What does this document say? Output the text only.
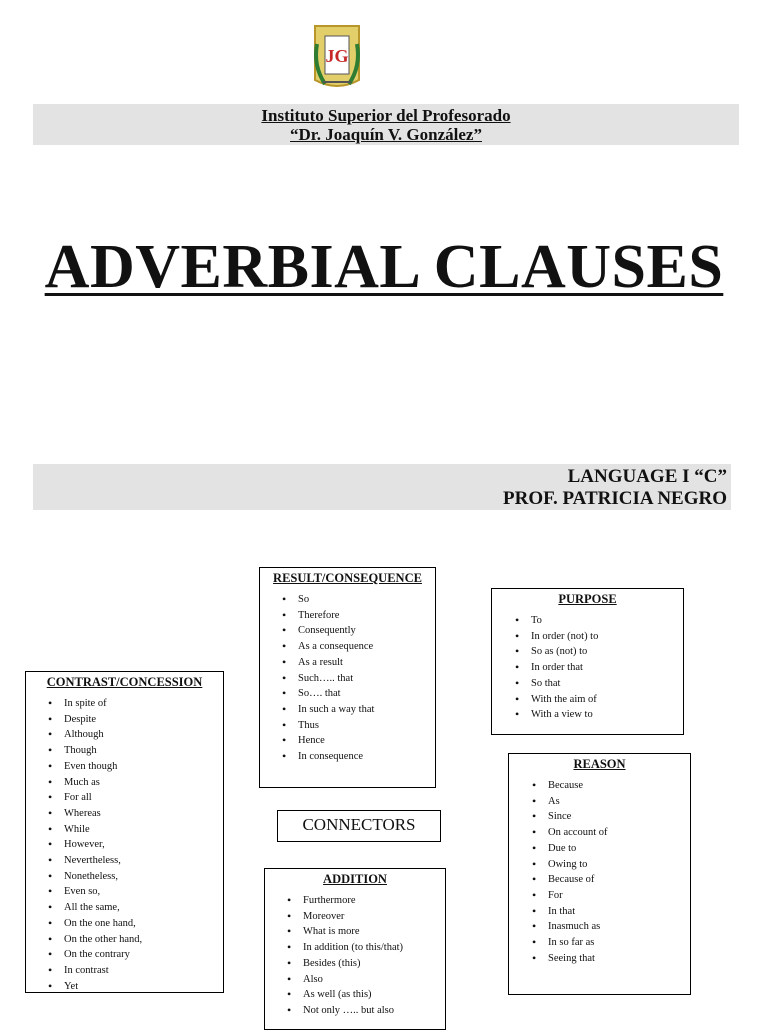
JG
Instituto Superior del Profesorado
“Dr. Joaquín V. González”
ADVERBIAL CLAUSES
LANGUAGE I “C”
PROF. PATRICIA NEGRO
RESULT/CONSEQUENCE
• So
• Therefore
• Consequently
• As a consequence
• As a result
• Such….. that
• So…. that
• In such a way that
• Thus
• Hence
• In consequence
PURPOSE
• To
• In order (not) to
• So as (not) to
• In order that
• So that
• With the aim of
• With a view to
CONTRAST/CONCESSION
• In spite of
• Despite
• Although
• Though
• Even though
• Much as
• For all
• Whereas
• While
• However,
• Nevertheless,
• Nonetheless,
• Even so,
• All the same,
• On the one hand,
• On the other hand,
• On the contrary
• In contrast
• Yet
CONNECTORS
REASON
• Because
• As
• Since
• On account of
• Due to
• Owing to
• Because of
• For
• In that
• Inasmuch as
• In so far as
• Seeing that
ADDITION
• Furthermore
• Moreover
• What is more
• In addition (to this/that)
• Besides (this)
• Also
• As well (as this)
• Not only ….. but also
